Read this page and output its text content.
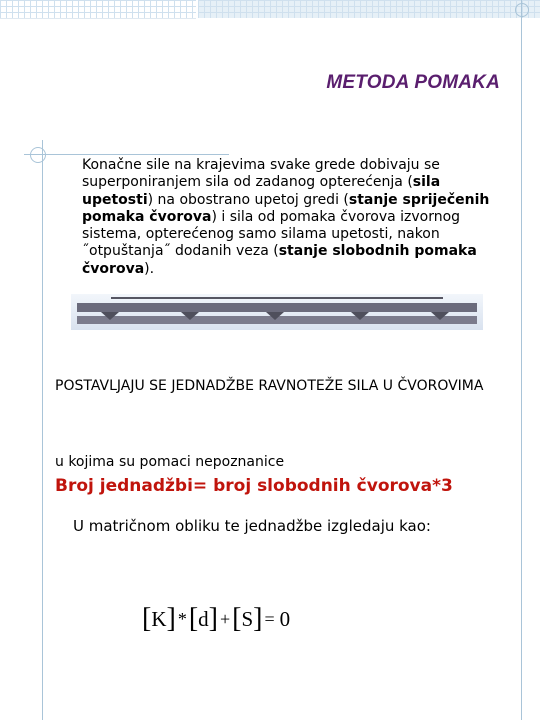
METODA POMAKA
Konačne sile na krajevima svake grede dobivaju se superponiranjem sila od zadanog opterećenja (sila upetosti) na obostrano upetoj gredi (stanje spriječenih pomaka čvorova) i sila od pomaka čvorova izvornog sistema, opterećenog samo silama upetosti, nakon ˝otpuštanja˝ dodanih veza (stanje slobodnih pomaka čvorova).
POSTAVLJAJU SE JEDNADŽBE RAVNOTEŽE SILA U ČVOROVIMA
u kojima su pomaci nepoznanice
Broj jednadžbi= broj slobodnih čvorova*3
U matričnom obliku te jednadžbe izgledaju kao:
[ K ] * [ d ] + [ S ] = 0
